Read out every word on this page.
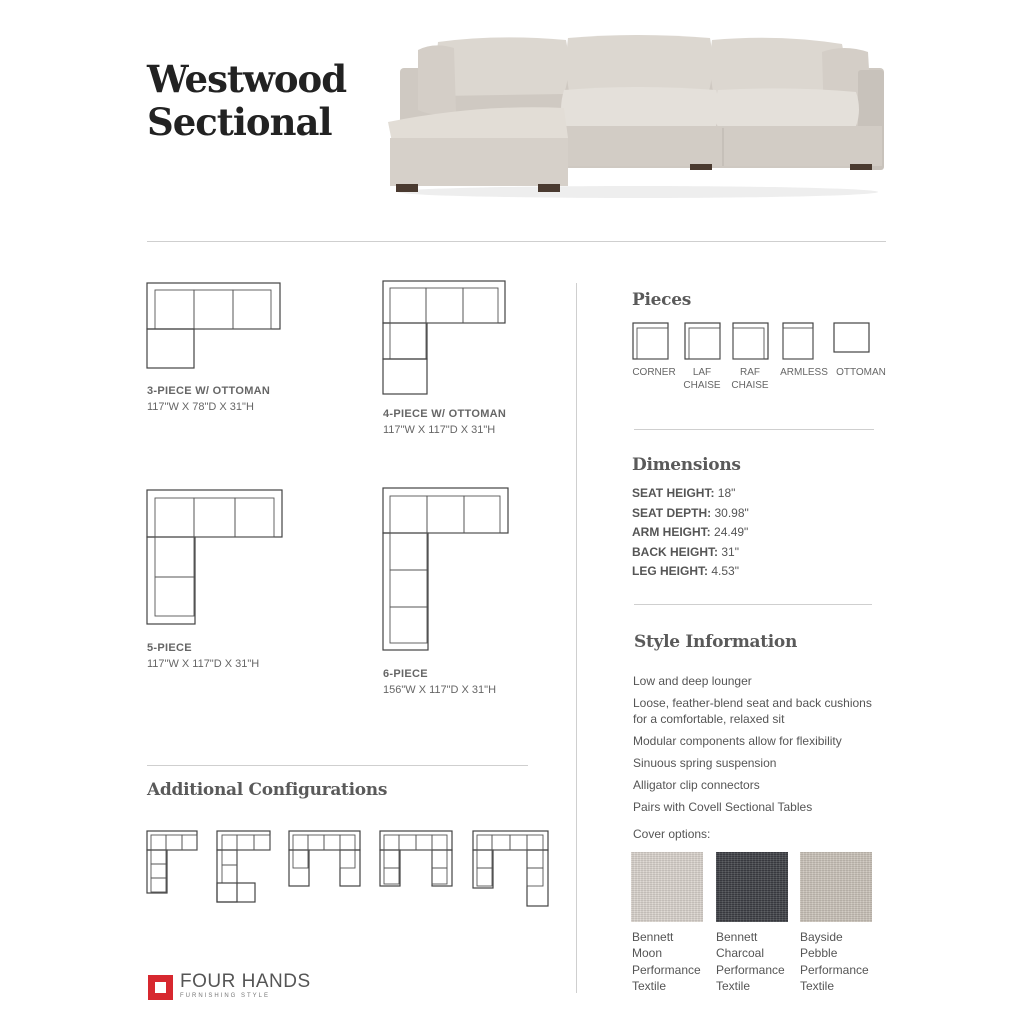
Westwood
Sectional
3-PIECE W/ OTTOMAN
117"W X 78"D X 31"H
4-PIECE W/ OTTOMAN
117"W X 117"D X 31"H
5-PIECE
117"W X 117"D X 31"H
6-PIECE
156"W X 117"D X 31"H
Additional Configurations
FOUR HANDS
FURNISHING STYLE
Pieces
CORNER	LAF
CHAISE
RAF
CHAISE
ARMLESS OTTOMAN
Dimensions
SEAT HEIGHT: 18"
SEAT DEPTH: 30.98"
ARM HEIGHT: 24.49"
BACK HEIGHT: 31"
LEG HEIGHT: 4.53"
Style Information
Low and deep lounger
Loose, feather-blend seat and back cushions for a comfortable, relaxed sit
Modular components allow for flexibility
Sinuous spring suspension
Alligator clip connectors
Pairs with Covell Sectional Tables
Cover options:
Bennett
Moon
Performance
Textile
Bennett
Charcoal
Performance
Textile
Bayside
Pebble
Performance
Textile
